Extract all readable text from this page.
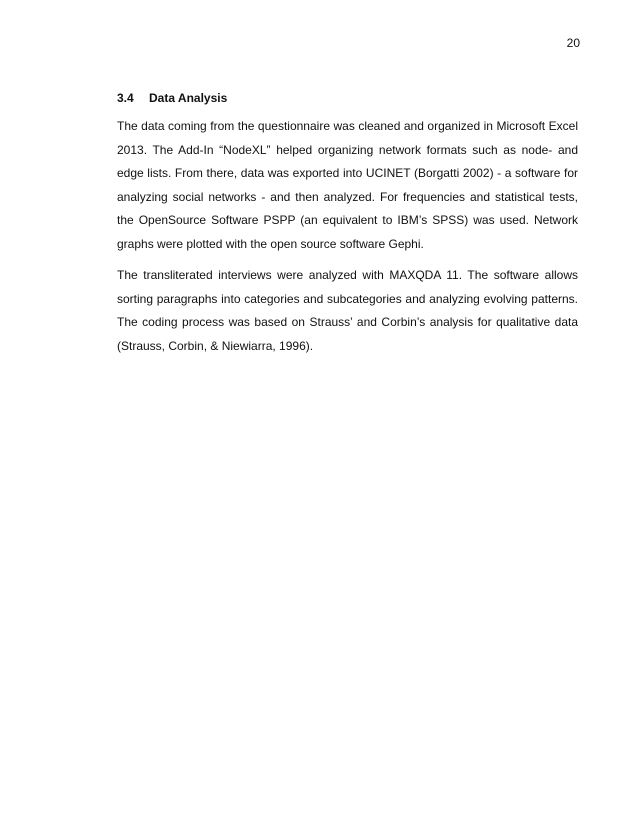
20
3.4	Data Analysis

The data coming from the questionnaire was cleaned and organized in Microsoft Excel 2013. The Add-In “NodeXL” helped organizing network formats such as node- and edge lists. From there, data was exported into UCINET (Borgatti 2002) - a software for analyzing social networks - and then analyzed. For frequencies and statistical tests, the OpenSource Software PSPP (an equivalent to IBM’s SPSS) was used. Network graphs were plotted with the open source software Gephi.

The transliterated interviews were analyzed with MAXQDA 11. The software allows sorting paragraphs into categories and subcategories and analyzing evolving patterns. The coding process was based on Strauss’ and Corbin’s analysis for qualitative data (Strauss, Corbin, & Niewiarra, 1996).
